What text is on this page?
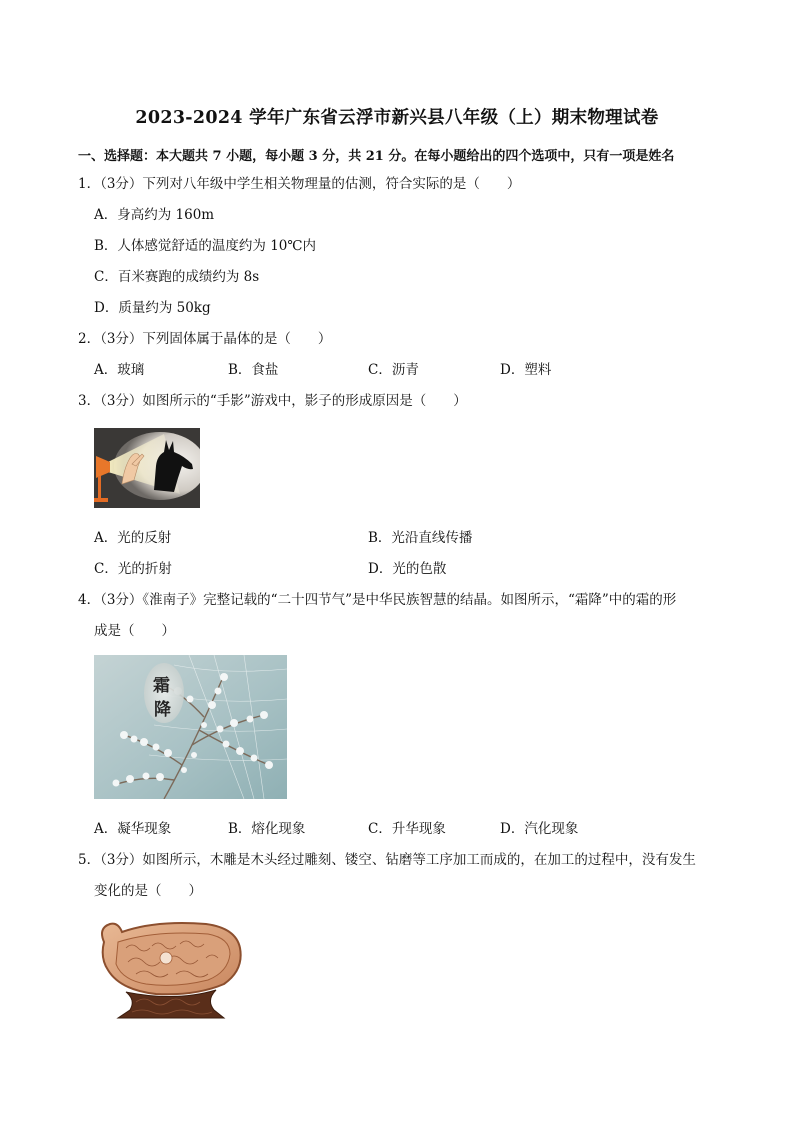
2023-2024 学年广东省云浮市新兴县八年级（上）期末物理试卷
一、选择题：本大题共 7 小题，每小题 3 分，共 21 分。在每小题给出的四个选项中，只有一项是姓名
1．（3分）下列对八年级中学生相关物理量的估测，符合实际的是（　　）
A．身高约为 160m
B．人体感觉舒适的温度约为 10℃内
C．百米赛跑的成绩约为 8s
D．质量约为 50kg
2．（3分）下列固体属于晶体的是（　　）
A．玻璃	B．食盐	C．沥青	D．塑料
3．（3分）如图所示的“手影”游戏中，影子的形成原因是（　　）
A．光的反射	B．光沿直线传播
C．光的折射	D．光的色散
4．（3分）《淮南子》完整记载的“二十四节气”是中华民族智慧的结晶。如图所示，“霜降”中的霜的形
成是（　　）
霜
降
A．凝华现象	B．熔化现象	C．升华现象	D．汽化现象
5．（3分）如图所示，木雕是木头经过雕刻、镂空、钻磨等工序加工而成的，在加工的过程中，没有发生
变化的是（　　）
